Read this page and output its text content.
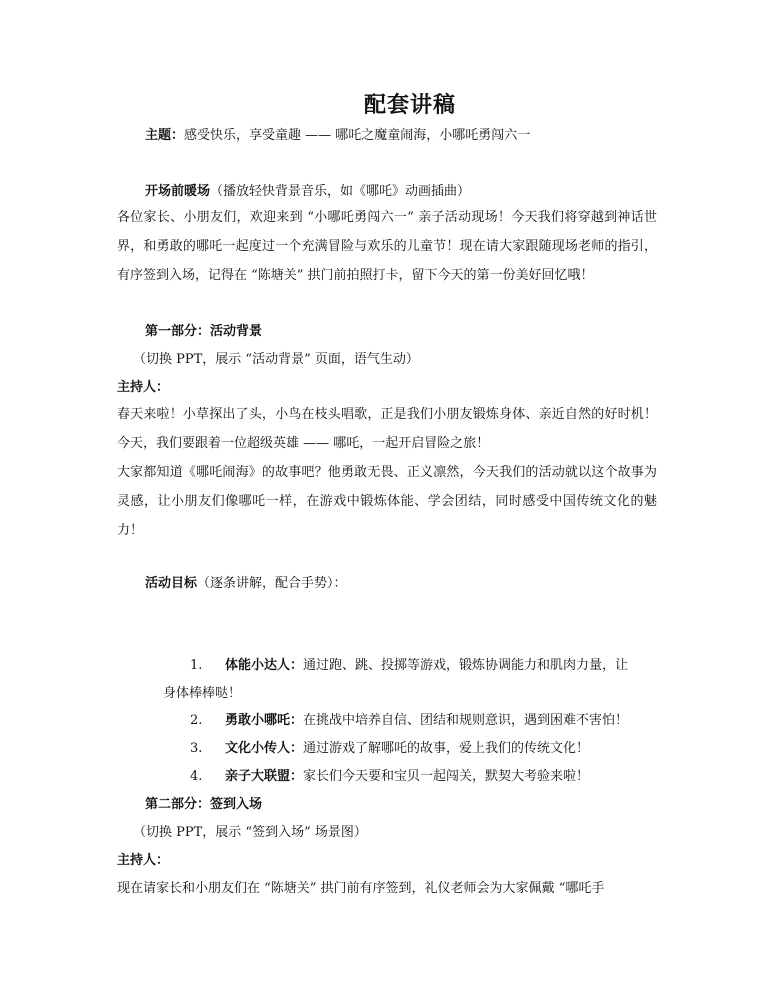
配套讲稿
主题：感受快乐，享受童趣 —— 哪吒之魔童闹海，小哪吒勇闯六一
开场前暖场（播放轻快背景音乐，如《哪吒》动画插曲）
各位家长、小朋友们，欢迎来到 “小哪吒勇闯六一” 亲子活动现场！今天我们将穿越到神话世界，和勇敢的哪吒一起度过一个充满冒险与欢乐的儿童节！现在请大家跟随现场老师的指引，有序签到入场，记得在 “陈塘关” 拱门前拍照打卡，留下今天的第一份美好回忆哦！
第一部分：活动背景
（切换 PPT，展示 “活动背景” 页面，语气生动）
主持人：
春天来啦！小草探出了头，小鸟在枝头唱歌，正是我们小朋友锻炼身体、亲近自然的好时机！今天，我们要跟着一位超级英雄 —— 哪吒，一起开启冒险之旅！
大家都知道《哪吒闹海》的故事吧？他勇敢无畏、正义凛然，今天我们的活动就以这个故事为灵感，让小朋友们像哪吒一样，在游戏中锻炼体能、学会团结，同时感受中国传统文化的魅力！
活动目标（逐条讲解，配合手势）：
1. 体能小达人：通过跑、跳、投掷等游戏，锻炼协调能力和肌肉力量，让
身体棒棒哒！
2. 勇敢小哪吒：在挑战中培养自信、团结和规则意识，遇到困难不害怕！
3. 文化小传人：通过游戏了解哪吒的故事，爱上我们的传统文化！
4. 亲子大联盟：家长们今天要和宝贝一起闯关，默契大考验来啦！
第二部分：签到入场
（切换 PPT，展示 “签到入场” 场景图）
主持人：
现在请家长和小朋友们在 “陈塘关” 拱门前有序签到，礼仪老师会为大家佩戴 “哪吒手
